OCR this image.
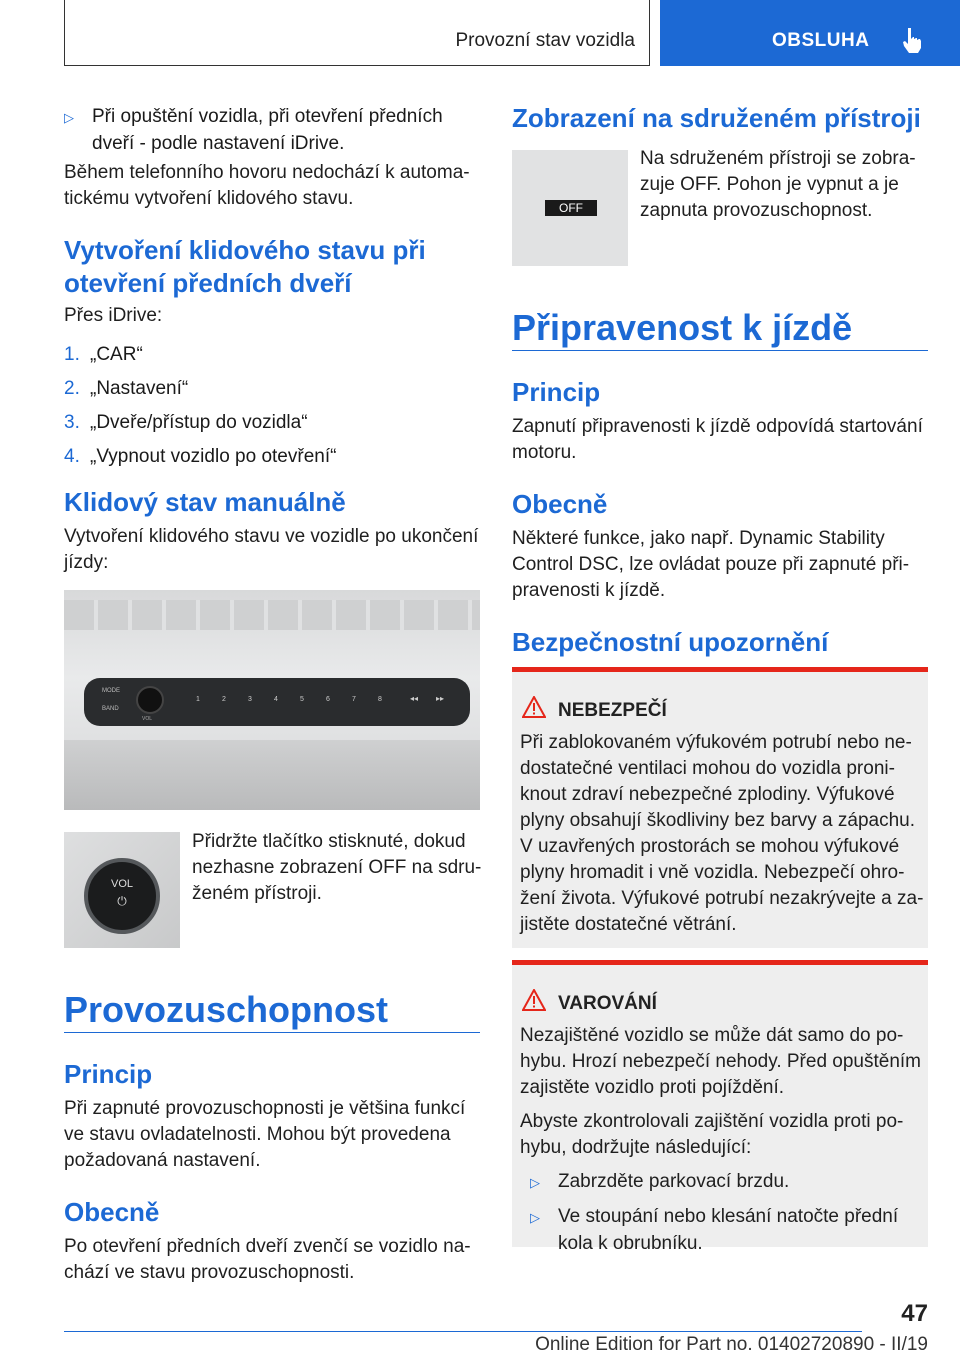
Provozní stav vozidla	OBSLUHA
▷ Při opuštění vozidla, při otevření předních
dveří - podle nastavení iDrive.
Během telefonního hovoru nedochází k automa‐
tickému vytvoření klidového stavu.
Vytvoření klidového stavu při
otevření předních dveří
Přes iDrive:
1. „CAR“
2. „Nastavení“
3. „Dveře/přístup do vozidla“
4. „Vypnout vozidlo po otevření“
Klidový stav manuálně
Vytvoření klidového stavu ve vozidle po ukončení
jízdy:
MODE
BAND
VOL
1	2	3	4	5	6	7	8	◂◂ ▸▸
VOL
⏻
Přidržte tlačítko stisknuté, dokud
nezhasne zobrazení OFF na sdru‐
ženém přístroji.
Provozuschopnost
Princip
Při zapnuté provozuschopnosti je většina funkcí
ve stavu ovladatelnosti. Mohou být provedena
požadovaná nastavení.
Obecně
Po otevření předních dveří zvenčí se vozidlo na‐
chází ve stavu provozuschopnosti.
Zobrazení na sdruženém přístroji
OFF
Na sdruženém přístroji se zobra‐
zuje OFF. Pohon je vypnut a je
zapnuta provozuschopnost.
Připravenost k jízdě
Princip
Zapnutí připravenosti k jízdě odpovídá startování
motoru.
Obecně
Některé funkce, jako např. Dynamic Stability
Control DSC, lze ovládat pouze při zapnuté při‐
pravenosti k jízdě.
Bezpečnostní upozornění
NEBEZPEČÍ
Při zablokovaném výfukovém potrubí nebo ne‐
dostatečné ventilaci mohou do vozidla proni‐
knout zdraví nebezpečné zplodiny. Výfukové
plyny obsahují škodliviny bez barvy a zápachu.
V uzavřených prostorách se mohou výfukové
plyny hromadit i vně vozidla. Nebezpečí ohro‐
žení života. Výfukové potrubí nezakrývejte a za‐
jistěte dostatečné větrání.
VAROVÁNÍ
Nezajištěné vozidlo se může dát samo do po‐
hybu. Hrozí nebezpečí nehody. Před opuštěním
zajistěte vozidlo proti pojíždění.
Abyste zkontrolovali zajištění vozidla proti po‐
hybu, dodržujte následující:
▷ Zabrzděte parkovací brzdu.
▷ Ve stoupání nebo klesání natočte přední
kola k obrubníku.
47
Online Edition for Part no. 01402720890 - II/19
